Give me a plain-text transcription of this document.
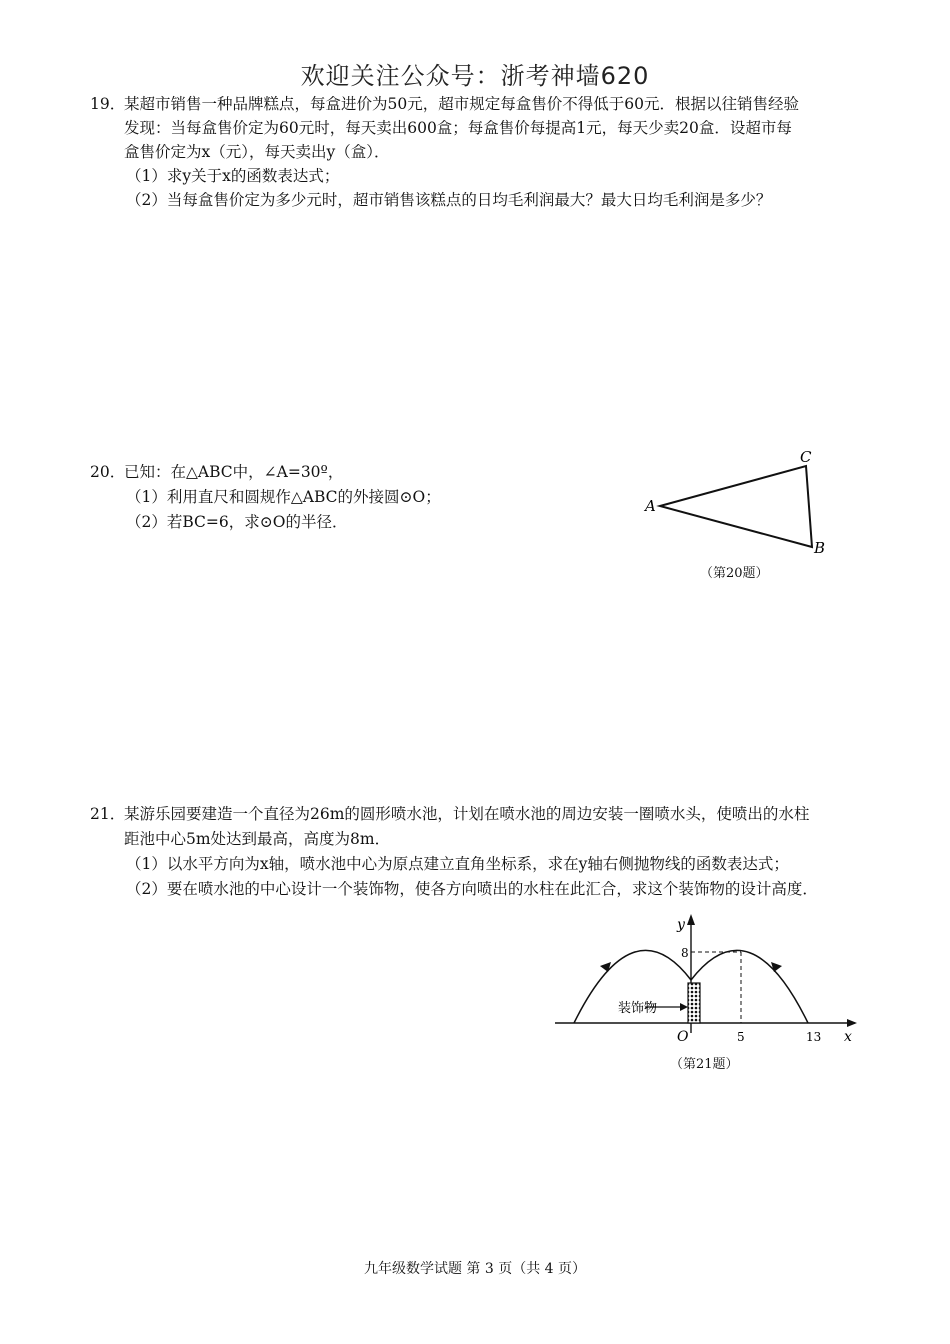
欢迎关注公众号：浙考神墙620
19．
某超市销售一种品牌糕点，每盒进价为50元，超市规定每盒售价不得低于60元．根据以往销售经验
发现：当每盒售价定为60元时，每天卖出600盒；每盒售价每提高1元，每天少卖20盒．设超市每
盒售价定为x（元），每天卖出y（盒）．
（1）求y关于x的函数表达式；
（2）当每盒售价定为多少元时，超市销售该糕点的日均毛利润最大？最大日均毛利润是多少？
20．
已知：在△ABC中，∠A=30º，
（1）利用直尺和圆规作△ABC的外接圆⊙O；
（2）若BC=6，求⊙O的半径．
A
C
B
（第20题）
21．
某游乐园要建造一个直径为26m的圆形喷水池，计划在喷水池的周边安装一圈喷水头，使喷出的水柱
距池中心5m处达到最高，高度为8m．
（1）以水平方向为x轴，喷水池中心为原点建立直角坐标系，求在y轴右侧抛物线的函数表达式；
（2）要在喷水池的中心设计一个装饰物，使各方向喷出的水柱在此汇合，求这个装饰物的设计高度．
装饰物
y
x
O
8
5	13
（第21题）
九年级数学试题 第 3 页（共 4 页）
